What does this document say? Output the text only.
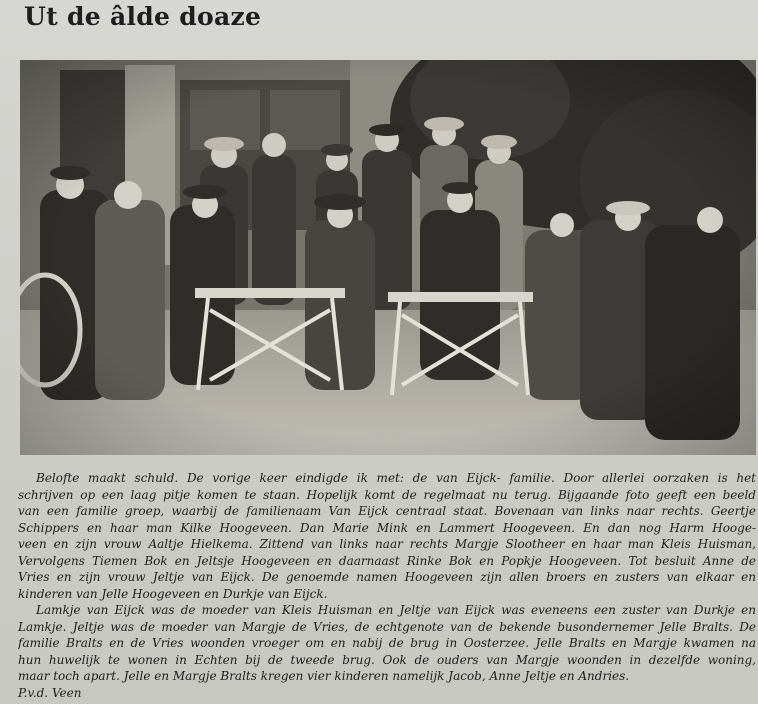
Ut de âlde doaze
Beloftе maakt schuld. De vorige keer eindigde ik met: de van Eijck- familie. Door allerlei oorzaken is het
schrijven op een laag pitje komen te staan. Hopelijk komt de regelmaat nu terug. Bijgaande foto geeft een beeld
van een familie groep, waarbij de familienaam Van Eijck centraal staat. Bovenaan van links naar rechts. Geertje
Schippers en haar man Kilke Hoogeveen. Dan Marie Mink en Lammert Hoogeveen. En dan nog Harm Hooge-
veen en zijn vrouw Aaltje Hielkema. Zittend van links naar rechts Margje Slootheer en haar man Kleis Huisman,
Vervolgens Tiemen Bok en Jeltsje Hoogeveen en daarnaast Rinke Bok en Popkje Hoogeveen. Tot besluit Anne de
Vries en zijn vrouw Jeltje van Eijck. De genoemde namen Hoogeveen zijn allen broers en zusters van elkaar en
kinderen van Jelle Hoogeveen en Durkje van Eijck.
Lamkje van Eijck was de moeder van Kleis Huisman en Jeltje van Eijck was eveneens een zuster van Durkje en
Lamkje. Jeltje was de moeder van Margje de Vries, de echtgenote van de bekende busondernemer Jelle Bralts. De
familie Bralts en de Vries woonden vroeger om en nabij de brug in Oosterzee. Jelle Bralts en Margje kwamen na
hun huwelijk te wonen in Echten bij de tweede brug. Ook de ouders van Margje woonden in dezelfde woning,
maar toch apart. Jelle en Margje Bralts kregen vier kinderen namelijk Jacob, Anne Jeltje en Andries.
P.v.d. Veen
